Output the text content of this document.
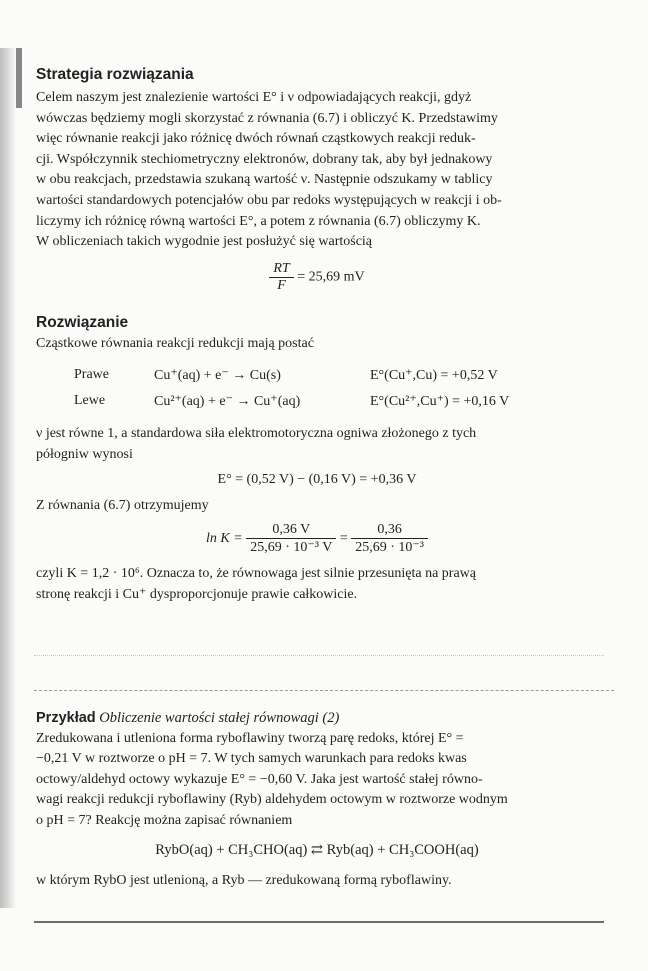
Strategia rozwiązania

Celem naszym jest znalezienie wartości E° i ν odpowiadających reakcji, gdyż

wówczas będziemy mogli skorzystać z równania (6.7) i obliczyć K. Przedstawimy

więc równanie reakcji jako różnicę dwóch równań cząstkowych reakcji reduk-

cji. Współczynnik stechiometryczny elektronów, dobrany tak, aby był jednakowy

w obu reakcjach, przedstawia szukaną wartość ν. Następnie odszukamy w tablicy

wartości standardowych potencjałów obu par redoks występujących w reakcji i ob-

liczymy ich różnicę równą wartości E°, a potem z równania (6.7) obliczymy K.

W obliczeniach takich wygodnie jest posłużyć się wartością

$\frac{RT}{F} = 25,69$ mV
Rozwiązanie

Cząstkowe równania reakcji redukcji mają postać

Prawe	Cu⁺(aq) + e⁻ → Cu(s)	E°(Cu⁺,Cu) = +0,52 V
Lewe	Cu²⁺(aq) + e⁻ → Cu⁺(aq)	E°(Cu²⁺,Cu⁺) = +0,16 V

ν jest równe 1, a standardowa siła elektromotoryczna ogniwa złożonego z tych

półogniw wynosi

E° = (0,52 V) − (0,16 V) = +0,36 V

Z równania (6.7) otrzymujemy

$\ln K = \frac{0,36 V}{\text{25,69 · 10⁻³ V}} = \frac{0,36}{\text{25,69 · 10⁻³}}$

czyli K = 1,2 · 10⁶. Oznacza to, że równowaga jest silnie przesunięta na prawą

stronę reakcji i Cu⁺ dysproporcjonuje prawie całkowicie.

Przykład Obliczenie wartości stałej równowagi (2)

Zredukowana i utleniona forma ryboflawiny tworzą parę redoks, której E° =

−0,21 V w roztworze o pH = 7. W tych samych warunkach para redoks kwas

octowy/aldehyd octowy wykazuje E° = −0,60 V. Jaka jest wartość stałej równo-

wagi reakcji redukcji ryboflawiny (Ryb) aldehydem octowym w roztworze wodnym

o pH = 7? Reakcję można zapisać równaniem

RybO(aq) + CH₃CHO(aq) ⇄ Ryb(aq) + CH₃COOH(aq)

w którym RybO jest utlenioną, a Ryb — zredukowaną formą ryboflawiny.
